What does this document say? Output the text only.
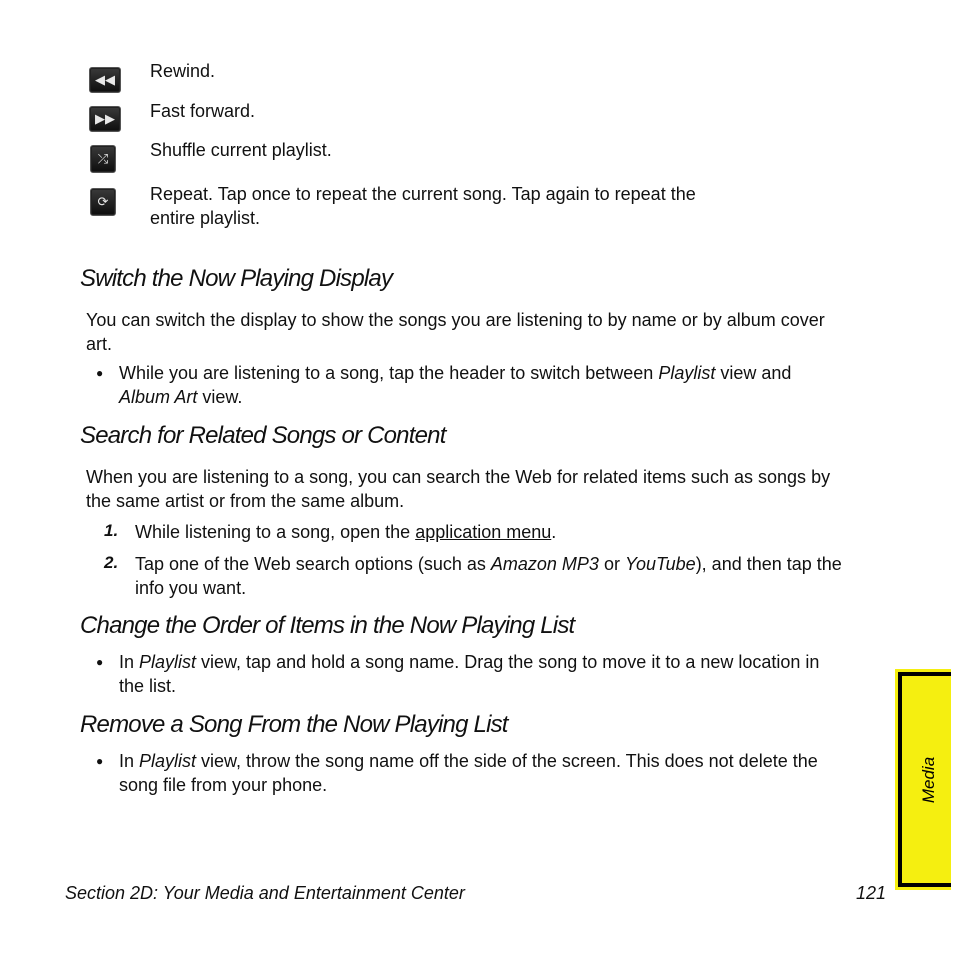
◀◀	Rewind.
▶▶	Fast forward.
⤮	Shuffle current playlist.
⟳	Repeat. Tap once to repeat the current song. Tap again to repeat the
entire playlist.
Switch the Now Playing Display
You can switch the display to show the songs you are listening to by name or by album cover
art.
● While you are listening to a song, tap the header to switch between Playlist view and
Album Art view.
Search for Related Songs or Content
When you are listening to a song, you can search the Web for related items such as songs by
the same artist or from the same album.
1. While listening to a song, open the application menu.
2. Tap one of the Web search options (such as Amazon MP3 or YouTube), and then tap the
info you want.
Change the Order of Items in the Now Playing List
● In Playlist view, tap and hold a song name. Drag the song to move it to a new location in
the list.
Remove a Song From the Now Playing List
● In Playlist view, throw the song name off the side of the screen. This does not delete the
song file from your phone.	Media
Section 2D: Your Media and Entertainment Center	121
